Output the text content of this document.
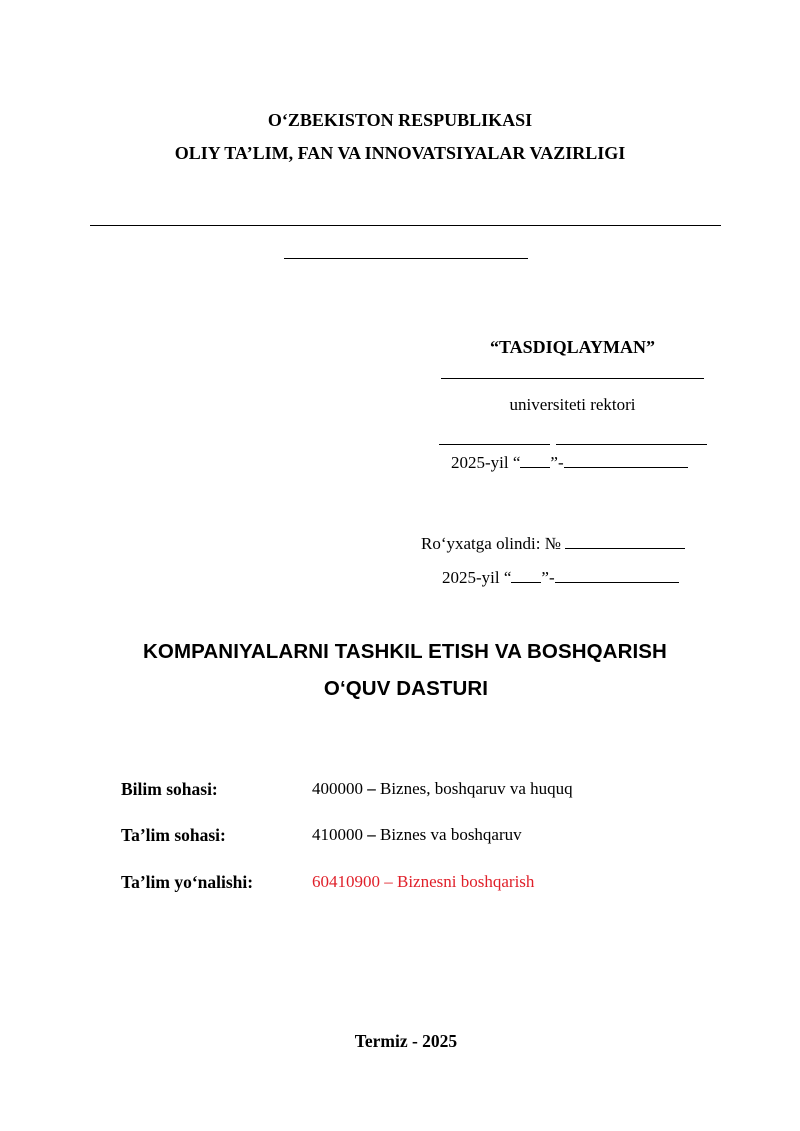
O‘ZBEKISTON RESPUBLIKASI
OLIY TA’LIM, FAN VA INNOVATSIYALAR VAZIRLIGI
“TASDIQLAYMAN”
universiteti rektori
2025-yil “ ”-
Ro‘yxatga olindi: №
2025-yil “ ”-
KOMPANIYALARNI TASHKIL ETISH VA BOSHQARISH
O‘QUV DASTURI
Bilim sohasi:	400000 – Biznes, boshqaruv va huquq
Ta’lim sohasi:	410000 – Biznes va boshqaruv
Ta’lim yo‘nalishi:	60410900 – Biznesni boshqarish
Termiz - 2025
